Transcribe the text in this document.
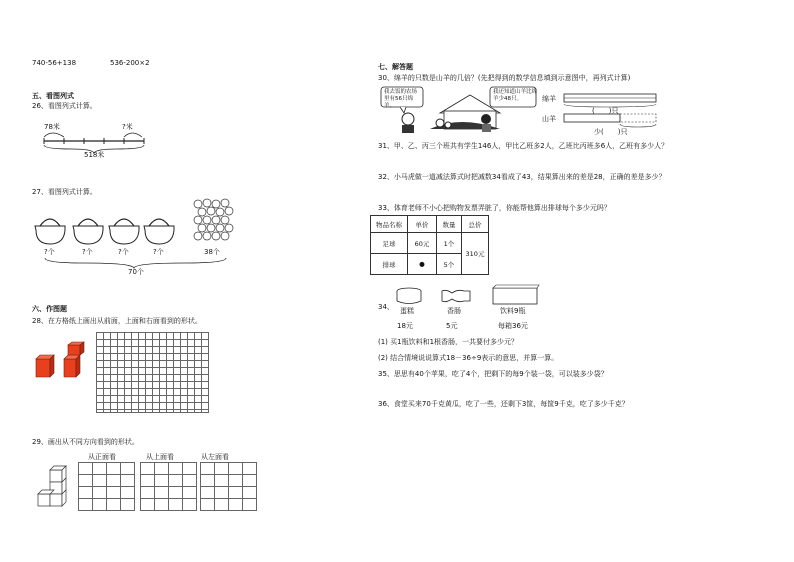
740-56+138	536-200×2
五、看图列式
26、看图列式计算。
78米	?米
518米
27、看图列式计算。
?个	?个	?个	?个	38个
70个
六、作图题
28、在方格纸上画出从前面，上面和右面看到的形状。
29、画出从不同方向看到的形状。
从正面看	从上面看	从左面看
七、解答题
30、绵羊的只数是山羊的几倍？(先把得到的数学信息填到示意图中，再列式计算)
我去饭的农场里有56只绵羊。
我还知道山羊比绵羊少48只。	绵羊
山羊
(　　)只
少(　　)只
31、甲、乙、丙三个班共有学生146人，甲比乙班多2人，乙班比丙班多6人，乙班有多少人？
32、小马虎做一道减法算式时把减数34看成了43，结果算出来的差是28，正确的差是多少？
33、体育老师不小心把购物发票弄脏了，你能帮他算出排球每个多少元吗？
物品名称	单价	数量	总价
足球	60元	1个	310元
排球	●	5个	
34、 蛋糕	香肠	饮料9瓶
18元	5元	每箱36元
(1) 买1瓶饮料和1根香肠，一共要付多少元？
(2) 结合情境说说算式18－36÷9表示的意思，并算一算。
35、思思有40个苹果，吃了4个，把剩下的每9个装一袋，可以装多少袋？
36、食堂买来70千克黄瓜，吃了一些，还剩下3筐，每筐9千克，吃了多少千克？
